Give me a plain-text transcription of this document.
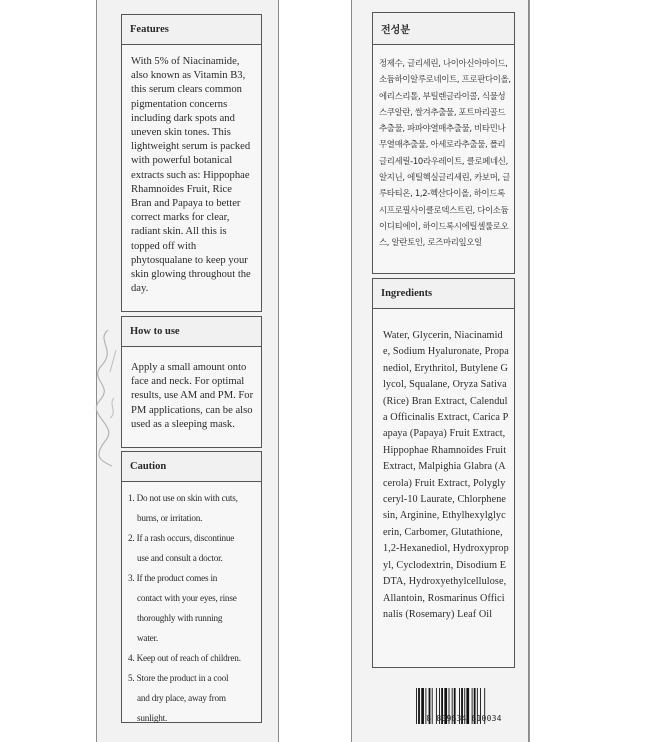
Features
With 5% of Niacinamide, also known as Vitamin B3, this serum clears common pigmentation concerns including dark spots and uneven skin tones. This lightweight serum is packed with powerful botanical extracts such as: Hippophae Rhamnoides Fruit, Rice Bran and Papaya to better correct marks for clear, radiant skin. All this is topped off with phytosqualane to keep your skin glowing throughout the day.
How to use
Apply a small amount onto face and neck. For optimal results, use AM and PM. For PM applications, can be also used as a sleeping mask.
Caution
1. Do not use on skin with cuts,
burns, or irritation.
2. If a rash occurs, discontinue
use and consult a doctor.
3. If the product comes in
contact with your eyes, rinse
thoroughly with running
water.
4. Keep out of reach of children.
5. Store the product in a cool
and dry place, away from
sunlight.
전성분
정제수, 글리세린, 나이아신아마이드, 소듐하이알루로네이트, 프로판다이올, 에리스리톨, 부틸렌글라이콜, 식물성스쿠알란, 쌀겨추출물, 포트마리골드추출물, 파파야열매추출물, 비타민나무열매추출물, 아세로라추출물, 폴리글리세릴-10라우레이트, 클로페네신, 알지닌, 에틸헥실글리세린, 카보머, 글루타티온, 1,2-헥산다이올, 하이드록시프로필사이클로덱스트린, 다이소듐이디티에이, 하이드록시에틸셀룰로오스, 알란토인, 로즈마리잎오일
Ingredients
Water, Glycerin, Niacinamide, Sodium Hyaluronate, Propanediol, Erythritol, Butylene Glycol, Squalane, Oryza Sativa (Rice) Bran Extract, Calendula Officinalis Extract, Carica Papaya (Papaya) Fruit Extract, Hippophae Rhamnoides Fruit Extract, Malpighia Glabra (Acerola) Fruit Extract, Polyglyceryl-10 Laurate, Chlorphenesin, Arginine, Ethylhexylglycerin, Carbomer, Glutathione, 1,2-Hexanediol, Hydroxypropyl, Cyclodextrin, Disodium EDTA, Hydroxyethylcellulose, Allantoin, Rosmarinus Officinalis (Rosemary) Leaf Oil
8 809634 610034
